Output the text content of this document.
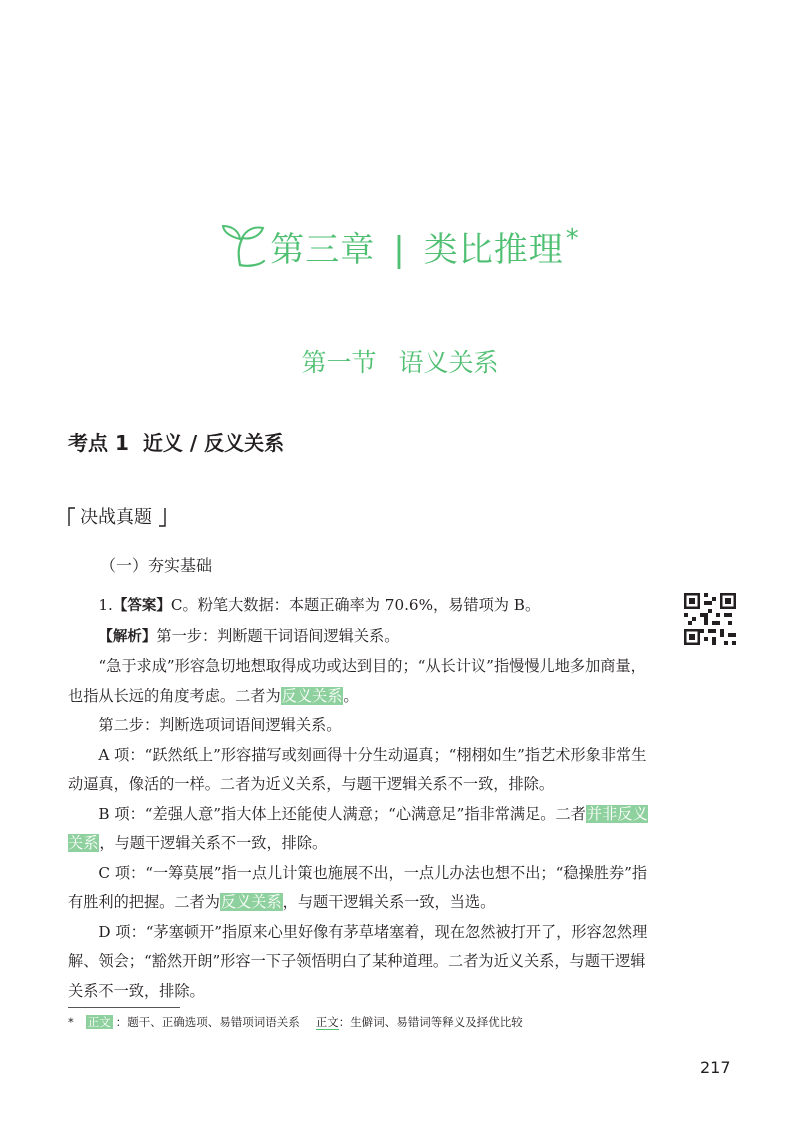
第三章 | 类比推理*
第一节 语义关系
考点 1 近义 / 反义关系
决战真题
（一）夯实基础

1.【答案】C。粉笔大数据：本题正确率为 70.6%，易错项为 B。

【解析】第一步：判断题干词语间逻辑关系。

“急于求成”形容急切地想取得成功或达到目的；“从长计议”指慢慢儿地多加商量，也指从长远的角度考虑。二者为反义关系。

第二步：判断选项词语间逻辑关系。

A 项：“跃然纸上”形容描写或刻画得十分生动逼真；“栩栩如生”指艺术形象非常生动逼真，像活的一样。二者为近义关系，与题干逻辑关系不一致，排除。

B 项：“差强人意”指大体上还能使人满意；“心满意足”指非常满足。二者并非反义关系，与题干逻辑关系不一致，排除。

C 项：“一筹莫展”指一点儿计策也施展不出，一点儿办法也想不出；“稳操胜券”指有胜利的把握。二者为反义关系，与题干逻辑关系一致，当选。

D 项：“茅塞顿开”指原来心里好像有茅草堵塞着，现在忽然被打开了，形容忽然理解、领会；“豁然开朗”形容一下子领悟明白了某种道理。二者为近义关系，与题干逻辑关系不一致，排除。

* 正文 ：题干、正确选项、易错项词语关系 正文：生僻词、易错词等释义及择优比较
217
